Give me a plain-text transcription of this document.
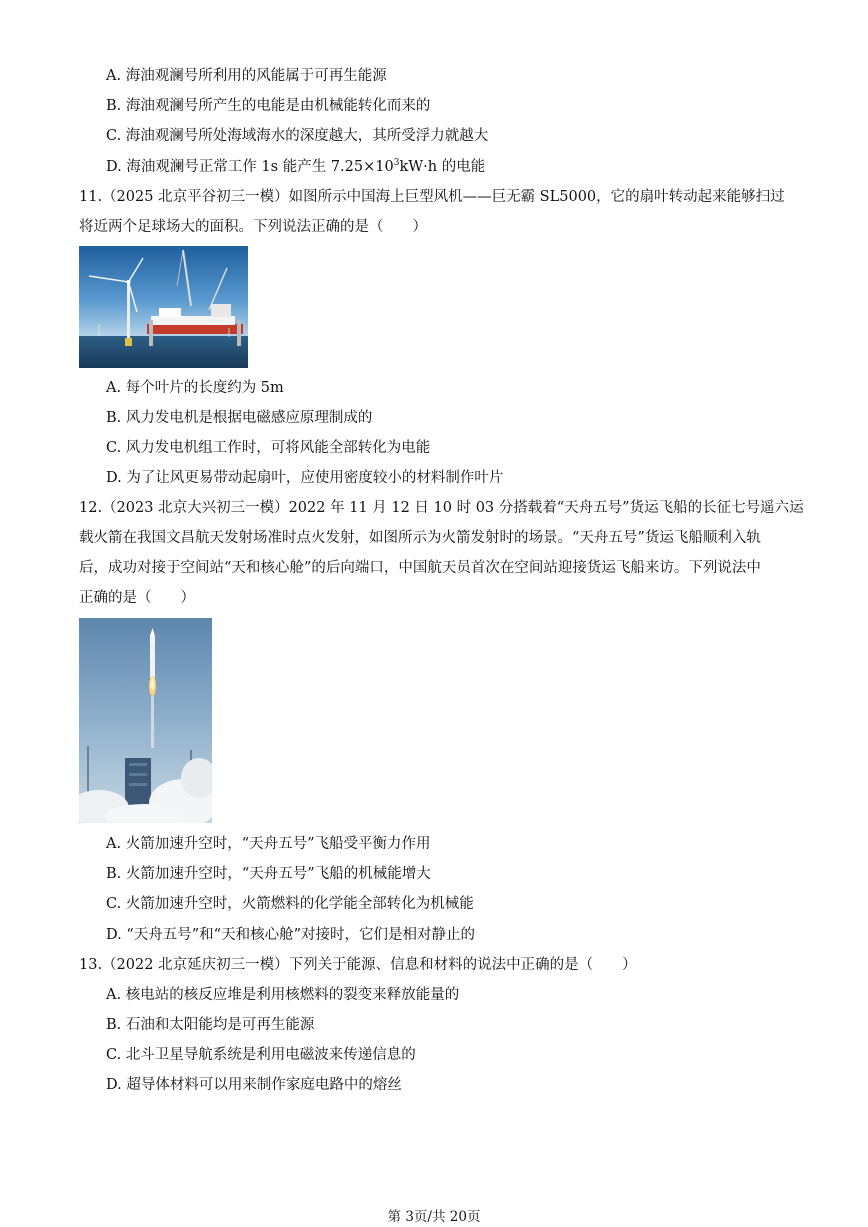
A. 海油观澜号所利用的风能属于可再生能源
B. 海油观澜号所产生的电能是由机械能转化而来的
C. 海油观澜号所处海域海水的深度越大，其所受浮力就越大
D. 海油观澜号正常工作 1s 能产生 $7.25\times 10^3kW\cdot h$ 的电能
11.（2025 北京平谷初三一模）如图所示中国海上巨型风机——巨无霸 SL5000，它的扇叶转动起来能够扫过
将近两个足球场大的面积。下列说法正确的是（　　）
A. 每个叶片的长度约为 5m
B. 风力发电机是根据电磁感应原理制成的
C. 风力发电机组工作时，可将风能全部转化为电能
D. 为了让风更易带动起扇叶，应使用密度较小的材料制作叶片
12.（2023 北京大兴初三一模）2022 年 11 月 12 日 10 时 03 分搭载着“天舟五号”货运飞船的长征七号遥六运
载火箭在我国文昌航天发射场准时点火发射，如图所示为火箭发射时的场景。“天舟五号”货运飞船顺利入轨
后，成功对接于空间站“天和核心舱”的后向端口，中国航天员首次在空间站迎接货运飞船来访。下列说法中
正确的是（　　）
A. 火箭加速升空时，“天舟五号”飞船受平衡力作用
B. 火箭加速升空时，“天舟五号”飞船的机械能增大
C. 火箭加速升空时，火箭燃料的化学能全部转化为机械能
D. “天舟五号”和“天和核心舱”对接时，它们是相对静止的
13.（2022 北京延庆初三一模）下列关于能源、信息和材料的说法中正确的是（　　）
A. 核电站的核反应堆是利用核燃料的裂变来释放能量的
B. 石油和太阳能均是可再生能源
C. 北斗卫星导航系统是利用电磁波来传递信息的
D. 超导体材料可以用来制作家庭电路中的熔丝
第 3页/共 20页
